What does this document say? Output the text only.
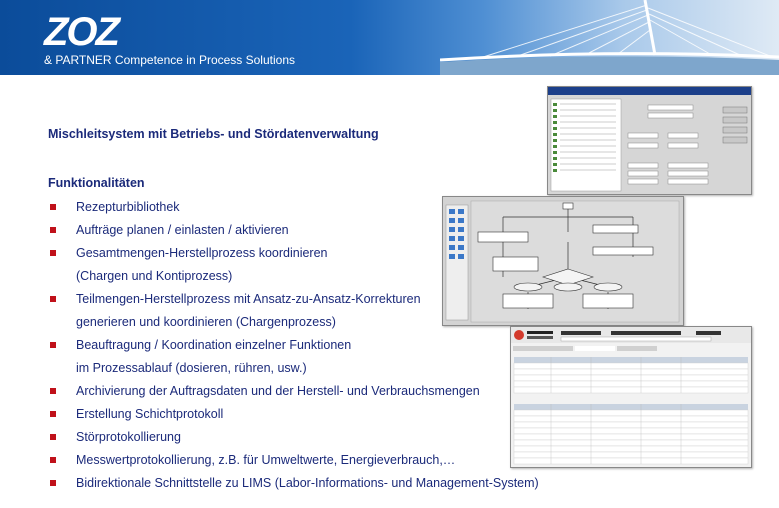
ZOZ
& PARTNER Competence in Process Solutions
Mischleitsystem mit Betriebs- und Stördatenverwaltung
Funktionalitäten
Rezepturbibliothek
Aufträge planen / einlasten / aktivieren
Gesamtmengen-Herstellprozess koordinieren
(Chargen und Kontiprozess)
Teilmengen-Herstellprozess mit Ansatz-zu-Ansatz-Korrekturen
generieren und koordinieren (Chargenprozess)
Beauftragung / Koordination einzelner Funktionen
im Prozessablauf (dosieren, rühren, usw.)
Archivierung der Auftragsdaten und der Herstell- und Verbrauchsmengen
Erstellung Schichtprotokoll
Störprotokollierung
Messwertprotokollierung, z.B. für Umweltwerte, Energieverbrauch,…
Bidirektionale Schnittstelle zu LIMS (Labor-Informations- und Management-System)
